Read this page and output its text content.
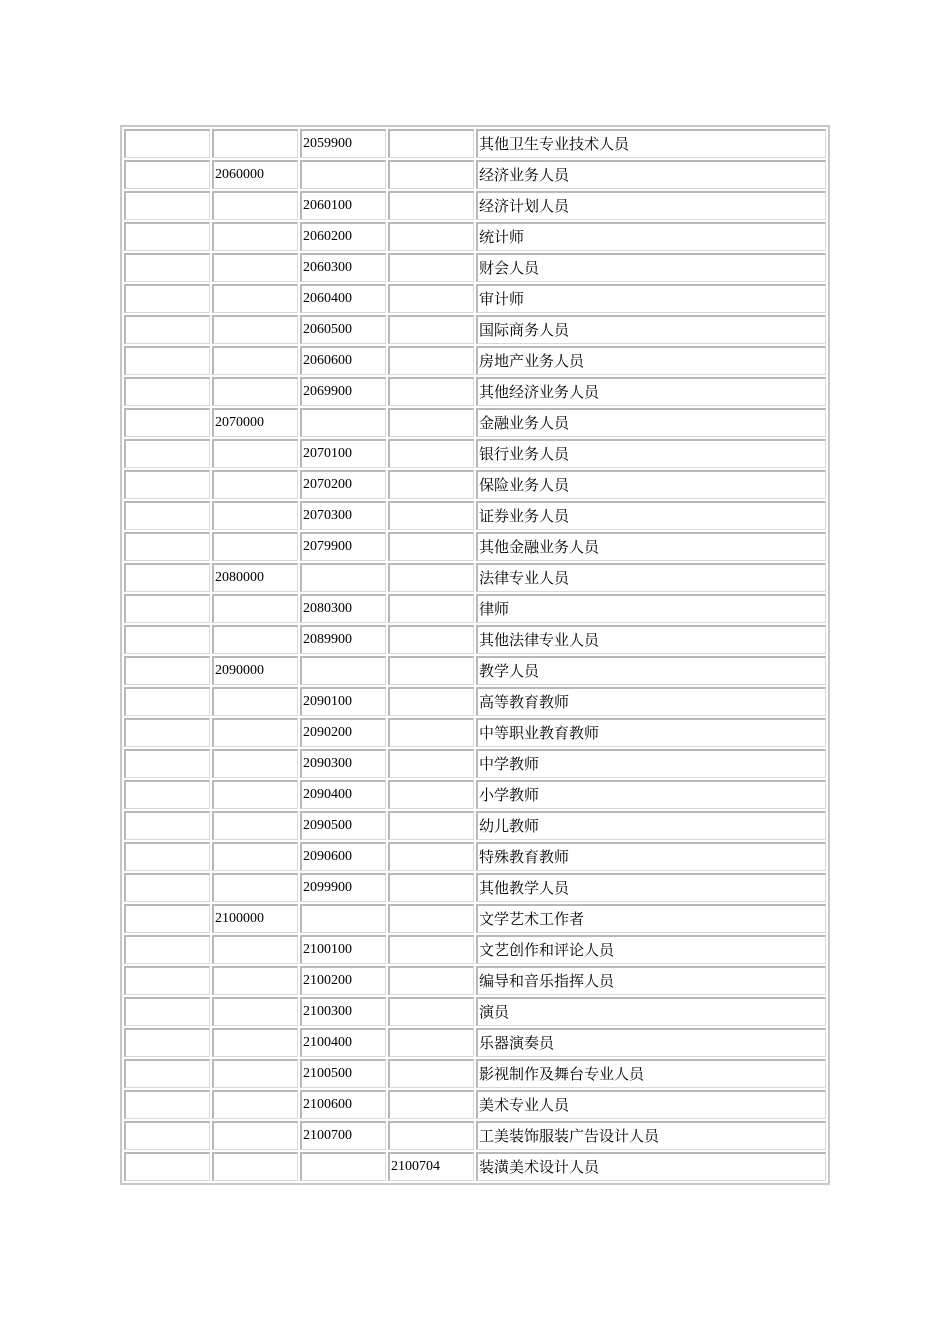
		2059900		其他卫生专业技术人员
	2060000			经济业务人员
		2060100		经济计划人员
		2060200		统计师
		2060300		财会人员
		2060400		审计师
		2060500		国际商务人员
		2060600		房地产业务人员
		2069900		其他经济业务人员
	2070000			金融业务人员
		2070100		银行业务人员
		2070200		保险业务人员
		2070300		证券业务人员
		2079900		其他金融业务人员
	2080000			法律专业人员
		2080300		律师
		2089900		其他法律专业人员
	2090000			教学人员
		2090100		高等教育教师
		2090200		中等职业教育教师
		2090300		中学教师
		2090400		小学教师
		2090500		幼儿教师
		2090600		特殊教育教师
		2099900		其他教学人员
	2100000			文学艺术工作者
		2100100		文艺创作和评论人员
		2100200		编导和音乐指挥人员
		2100300		演员
		2100400		乐器演奏员
		2100500		影视制作及舞台专业人员
		2100600		美术专业人员
		2100700		工美装饰服装广告设计人员
			2100704	装潢美术设计人员
